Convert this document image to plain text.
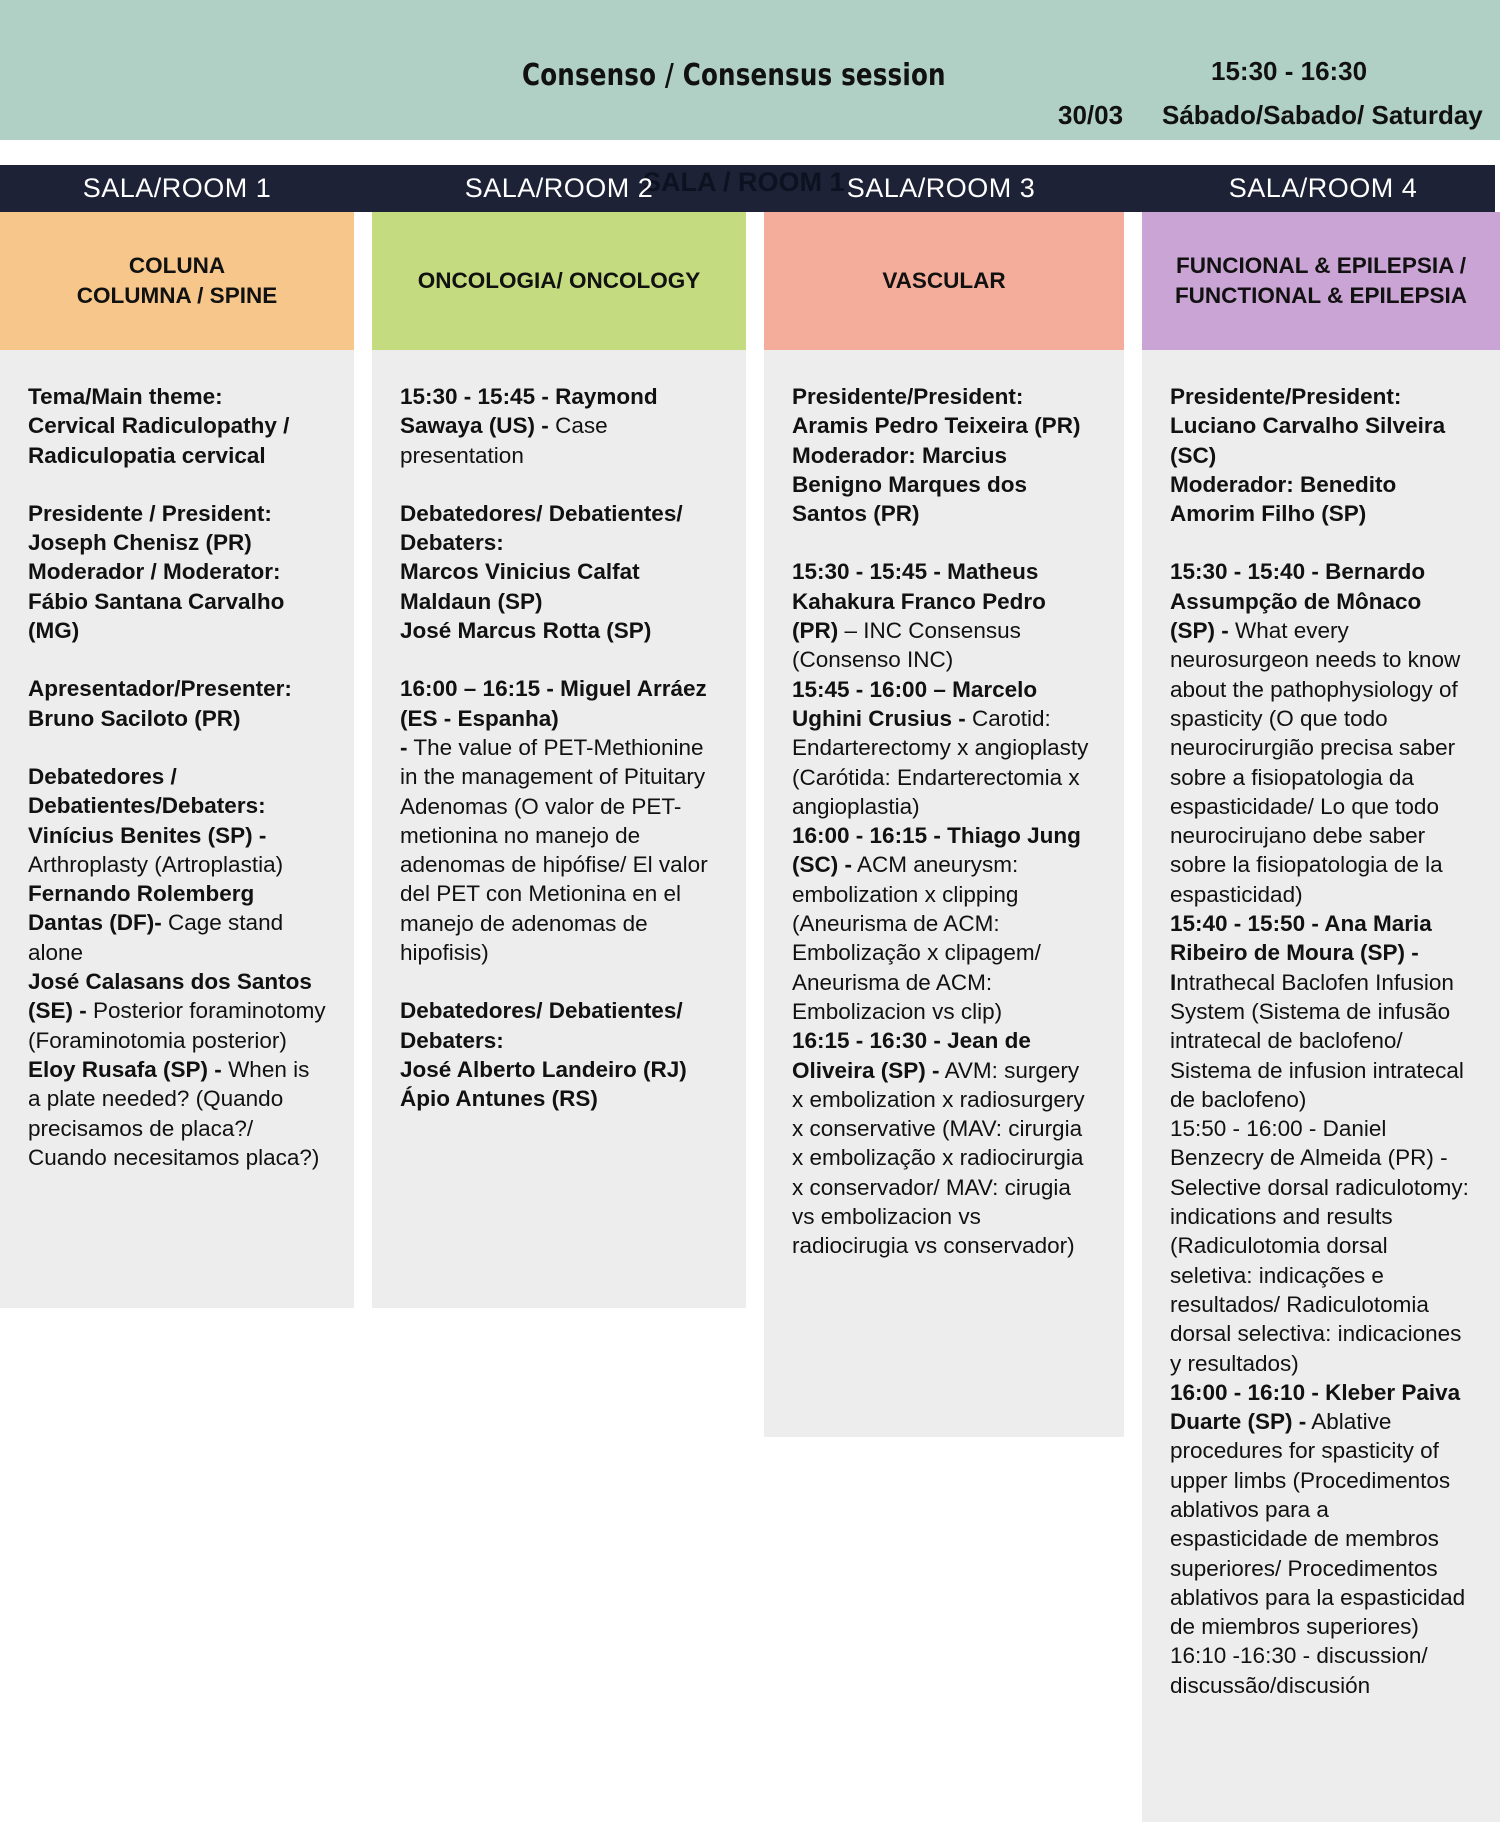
Consenso / Consensus session	15:30 - 16:30
30/03 Sábado/Sabado/ Saturday
SALA / ROOM 1
SALA/ROOM 1	SALA/ROOM 2	SALA/ROOM 3	SALA/ROOM 4
COLUNA
COLUMNA / SPINE

Tema/Main theme:

Cervical Radiculopathy / Radiculopatia cervical

Presidente / President:

Joseph Chenisz (PR)

Moderador / Moderator:

Fábio Santana Carvalho (MG)

Apresentador/Presenter:

Bruno Saciloto (PR)

Debatedores / Debatientes/Debaters:

Vinícius Benites (SP) -
Arthroplasty (Artroplastia)

Fernando Rolemberg Dantas (DF)- Cage stand alone

José Calasans dos Santos (SE) - Posterior foraminotomy (Foraminotomia posterior)

Eloy Rusafa (SP) - When is a plate needed? (Quando precisamos de placa?/ Cuando necesitamos placa?)

ONCOLOGIA/ ONCOLOGY

15:30 - 15:45 - Raymond Sawaya (US) - Case presentation

Debatedores/ Debatientes/ Debaters:

Marcos Vinicius Calfat Maldaun (SP)

José Marcus Rotta (SP)

16:00 – 16:15 - Miguel Arráez (ES - Espanha)
- The value of PET-Methionine in the management of Pituitary Adenomas (O valor de PET-metionina no manejo de adenomas de hipófise/ El valor del PET con Metionina en el manejo de adenomas de hipofisis)

Debatedores/ Debatientes/ Debaters:

José Alberto Landeiro (RJ)

Ápio Antunes (RS)

VASCULAR

Presidente/President: Aramis Pedro Teixeira (PR)

Moderador: Marcius Benigno Marques dos Santos (PR)

15:30 - 15:45 - Matheus Kahakura Franco Pedro (PR) – INC Consensus (Consenso INC)

15:45 - 16:00 – Marcelo Ughini Crusius - Carotid: Endarterectomy x angioplasty (Carótida: Endarterectomia x angioplastia)

16:00 - 16:15 - Thiago Jung (SC) - ACM aneurysm: embolization x clipping (Aneurisma de ACM: Embolização x clipagem/ Aneurisma de ACM: Embolizacion vs clip)

16:15 - 16:30 - Jean de Oliveira (SP) - AVM: surgery x embolization x radiosurgery x conservative (MAV: cirurgia x embolização x radiocirurgia x conservador/ MAV: cirugia vs embolizacion vs radiocirugia vs conservador)

FUNCIONAL & EPILEPSIA /
FUNCTIONAL & EPILEPSIA

Presidente/President: Luciano Carvalho Silveira (SC)

Moderador: Benedito Amorim Filho (SP)

15:30 - 15:40 - Bernardo Assumpção de Mônaco (SP) - What every neurosurgeon needs to know about the pathophysiology of spasticity (O que todo neurocirurgião precisa saber sobre a fisiopatologia da espasticidade/ Lo que todo neurocirujano debe saber sobre la fisiopatologia de la espasticidad)

15:40 - 15:50 - Ana Maria Ribeiro de Moura (SP) - Intrathecal Baclofen Infusion System (Sistema de infusão intratecal de baclofeno/ Sistema de infusion intratecal de baclofeno)

15:50 - 16:00 - Daniel Benzecry de Almeida (PR) - Selective dorsal radiculotomy: indications and results (Radiculotomia dorsal seletiva: indicações e resultados/ Radiculotomia dorsal selectiva: indicaciones y resultados)

16:00 - 16:10 - Kleber Paiva Duarte (SP) - Ablative procedures for spasticity of upper limbs (Procedimentos ablativos para a espasticidade de membros superiores/ Procedimentos ablativos para la espasticidad de miembros superiores)

16:10 -16:30 - discussion/ discussão/discusión
